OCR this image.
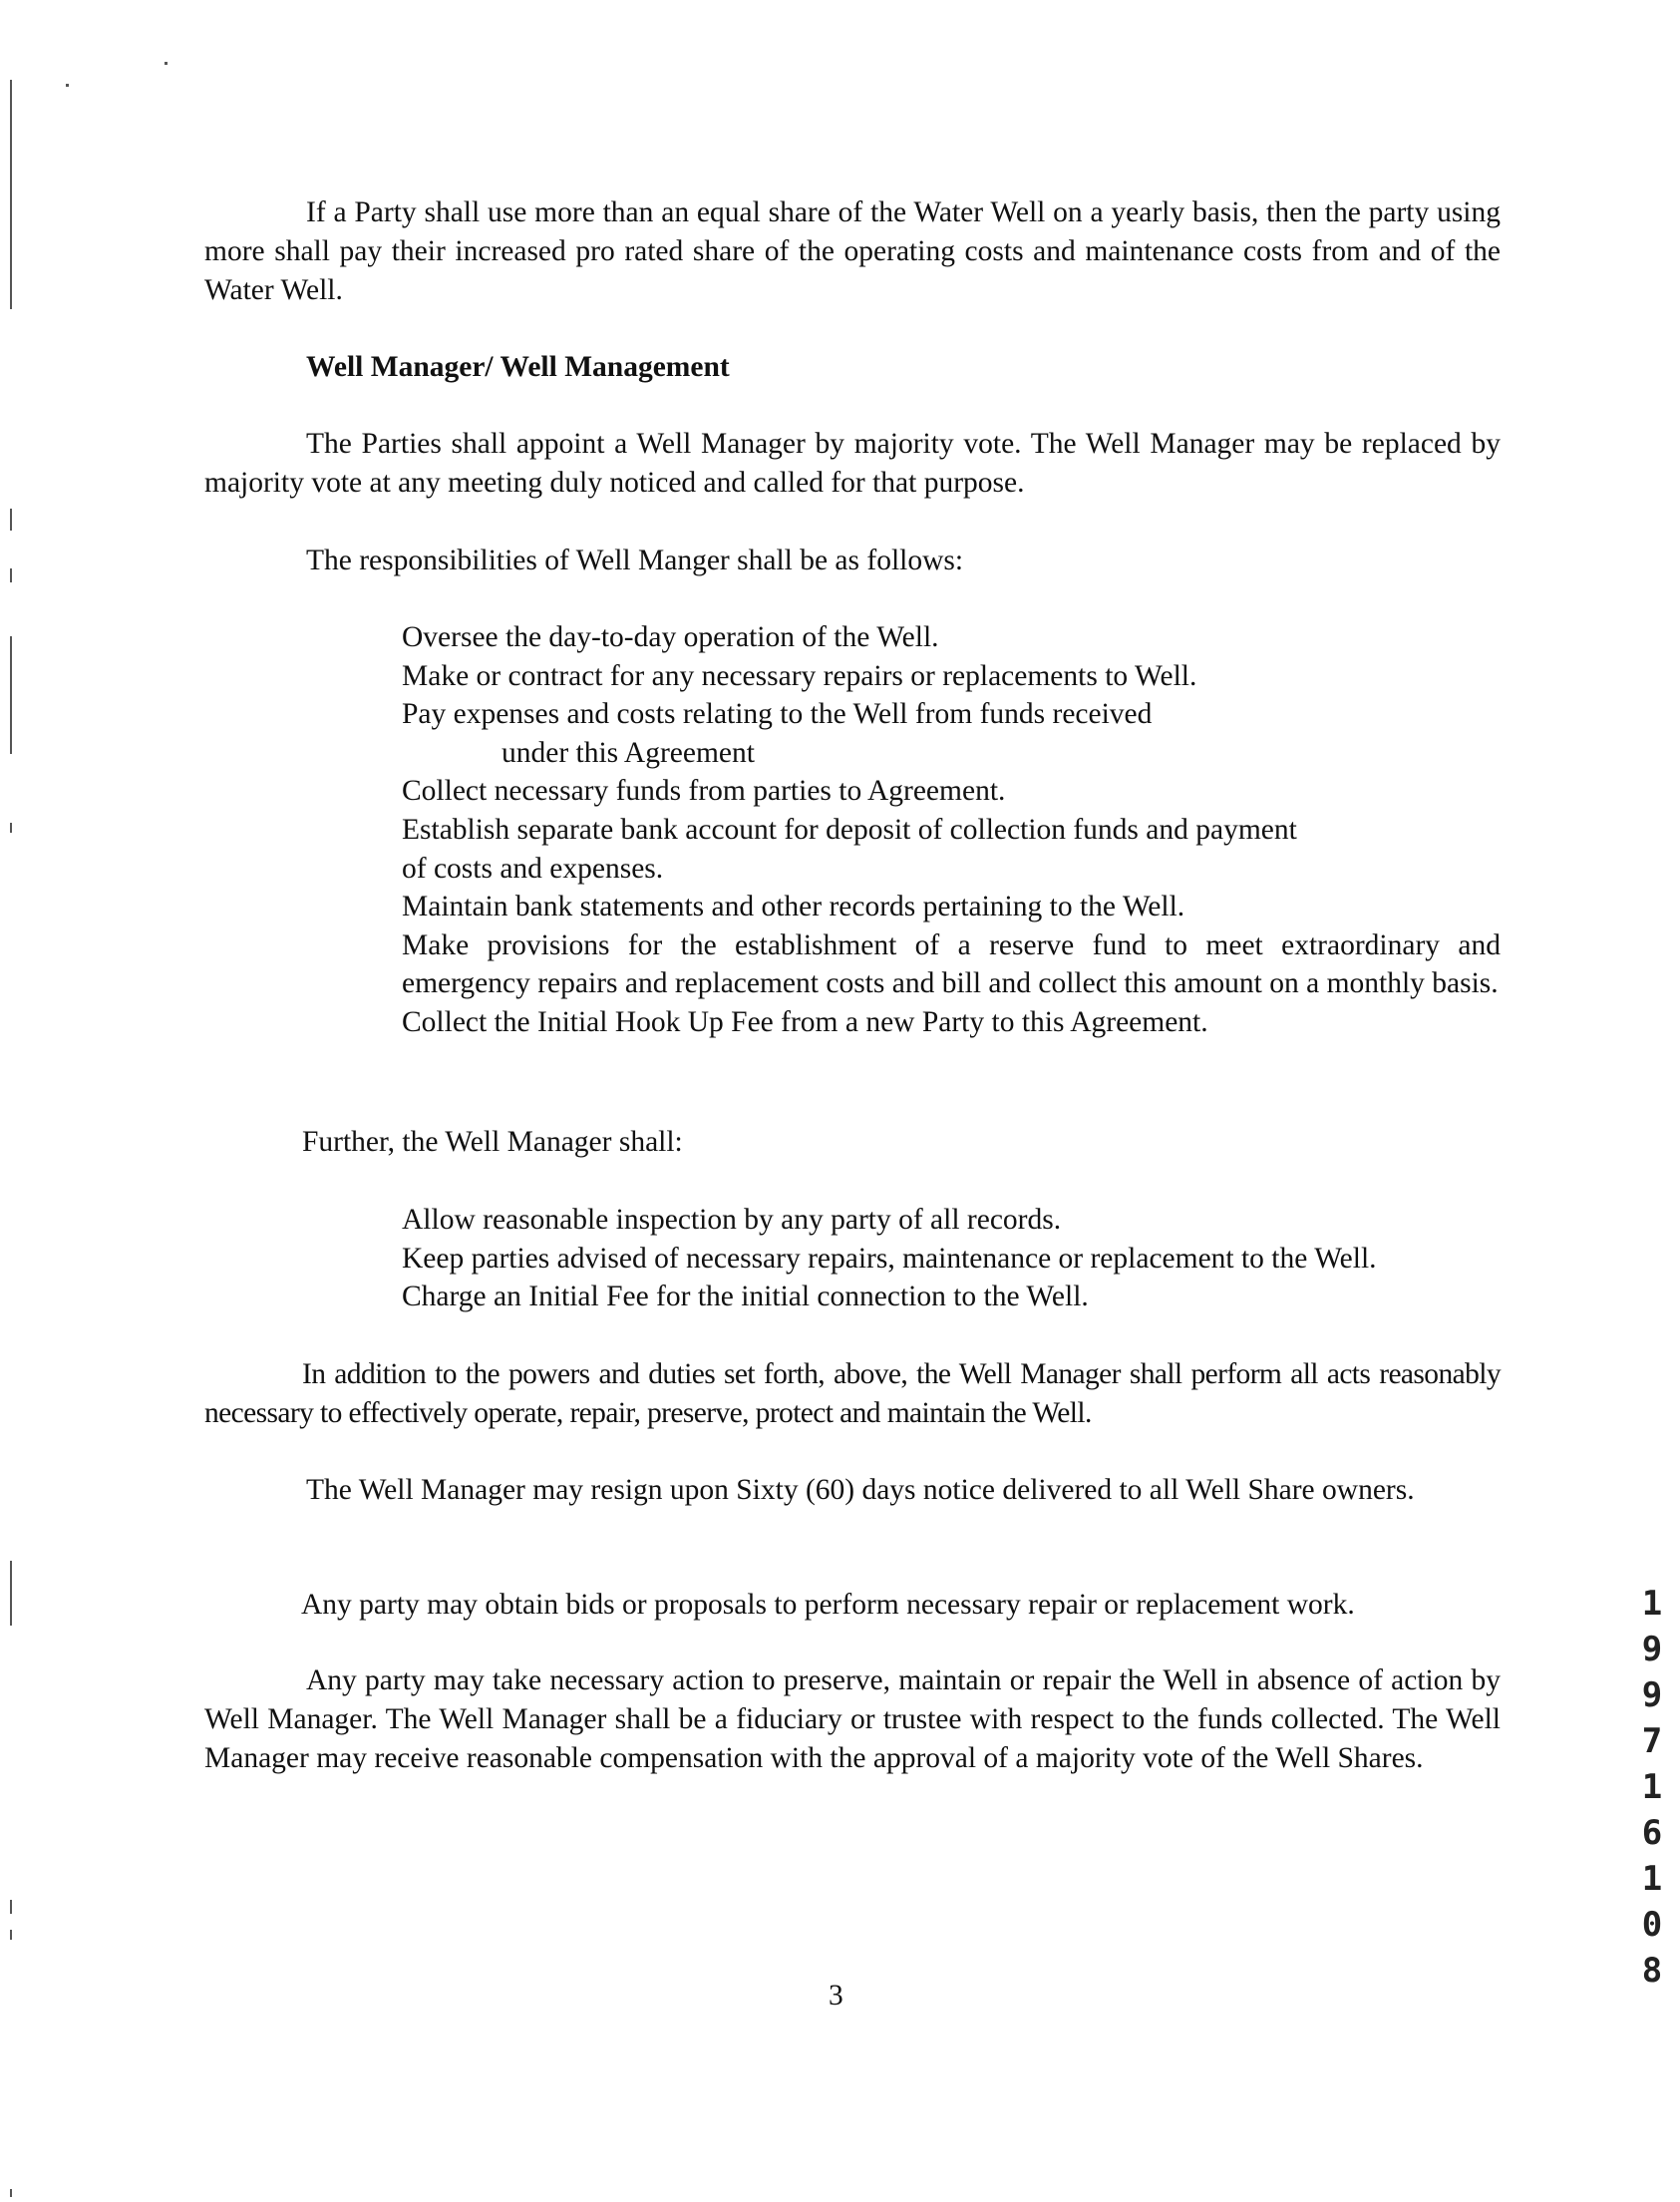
If a Party shall use more than an equal share of the Water Well on a yearly basis, then the party using more shall pay their increased pro rated share of the operating costs and maintenance costs from and of the Water Well.

Well Manager/ Well Management

The Parties shall appoint a Well Manager by majority vote. The Well Manager may be replaced by majority vote at any meeting duly noticed and called for that purpose.

The responsibilities of Well Manger shall be as follows:

Oversee the day-to-day operation of the Well.
Make or contract for any necessary repairs or replacements to Well.
Pay expenses and costs relating to the Well from funds received
under this Agreement
Collect necessary funds from parties to Agreement.
Establish separate bank account for deposit of collection funds and payment of costs and expenses.
Maintain bank statements and other records pertaining to the Well.
Make provisions for the establishment of a reserve fund to meet extraordinary and emergency repairs and replacement costs and bill and collect this amount on a monthly basis.
Collect the Initial Hook Up Fee from a new Party to this Agreement.

Further, the Well Manager shall:

Allow reasonable inspection by any party of all records.
Keep parties advised of necessary repairs, maintenance or replacement to the Well.
Charge an Initial Fee for the initial connection to the Well.

In addition to the powers and duties set forth, above, the Well Manager shall perform all acts reasonably necessary to effectively operate, repair, preserve, protect and maintain the Well.

The Well Manager may resign upon Sixty (60) days notice delivered to all Well Share owners.

Any party may obtain bids or proposals to perform necessary repair or replacement work.

Any party may take necessary action to preserve, maintain or repair the Well in absence of action by Well Manager. The Well Manager shall be a fiduciary or trustee with respect to the funds collected. The Well Manager may receive reasonable compensation with the approval of a majority vote of the Well Shares.

3
1
9
9
7
1
6
1
0
8
